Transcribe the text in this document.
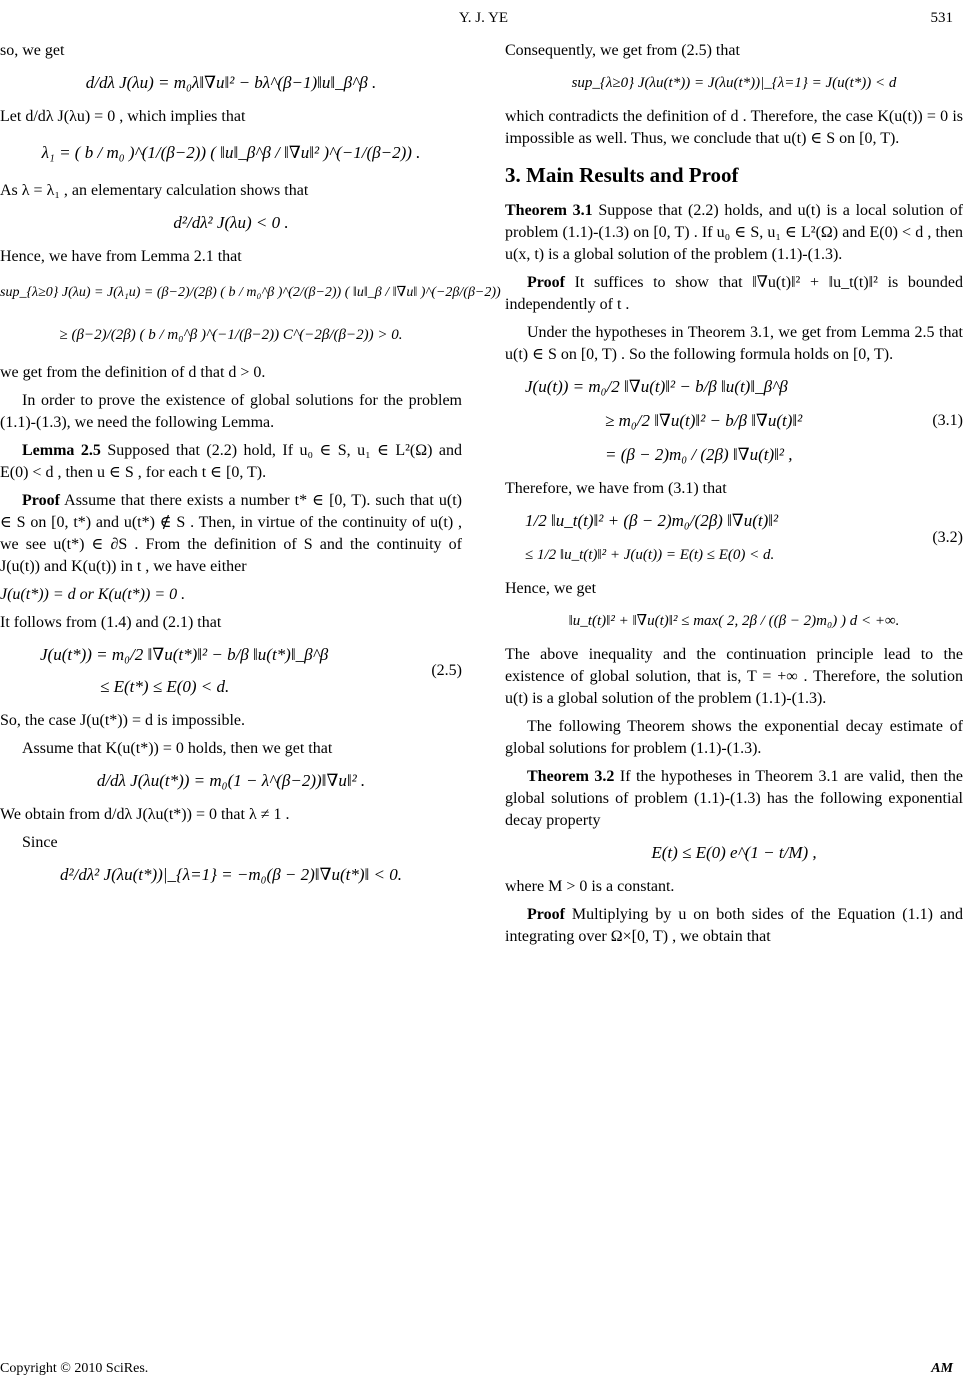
Y. J. YE	531

so, we get

d/dλ J(λu) = m₀λ‖∇u‖² − bλ^(β−1)‖u‖_β^β .

Let d/dλ J(λu) = 0 , which implies that

λ₁ = ( b / m₀ )^(1/(β−2)) ( ‖u‖_β^β / ‖∇u‖² )^(−1/(β−2)) .

As λ = λ₁ , an elementary calculation shows that

d²/dλ² J(λu) < 0 .

Hence, we have from Lemma 2.1 that

sup_{λ≥0} J(λu) = J(λ₁u) = (β−2)/(2β) ( b / m₀^β )^(2/(β−2)) ( ‖u‖_β / ‖∇u‖ )^(−2β/(β−2))
≥ (β−2)/(2β) ( b / m₀^β )^(−1/(β−2)) C^(−2β/(β−2)) > 0.

we get from the definition of d that d > 0.

In order to prove the existence of global solutions for the problem (1.1)-(1.3), we need the following Lemma.

Lemma 2.5 Supposed that (2.2) hold, If u₀ ∈ S, u₁ ∈ L²(Ω) and E(0) < d , then u ∈ S , for each t ∈ [0, T).

Proof Assume that there exists a number t* ∈ [0, T). such that u(t) ∈ S on [0, t*) and u(t*) ∉ S . Then, in virtue of the continuity of u(t) , we see u(t*) ∈ ∂S . From the definition of S and the continuity of J(u(t)) and K(u(t)) in t , we have either

J(u(t*)) = d or K(u(t*)) = 0 .

It follows from (1.4) and (2.1) that

J(u(t*)) = m₀/2 ‖∇u(t*)‖² − b/β ‖u(t*)‖_β^β
≤ E(t*) ≤ E(0) < d.
(2.5)

So, the case J(u(t*)) = d is impossible.

Assume that K(u(t*)) = 0 holds, then we get that

d/dλ J(λu(t*)) = m₀(1 − λ^(β−2))‖∇u‖² .

We obtain from d/dλ J(λu(t*)) = 0 that λ ≠ 1 .

Since

d²/dλ² J(λu(t*))|_{λ=1} = −m₀(β − 2)‖∇u(t*)‖ < 0.

Consequently, we get from (2.5) that

sup_{λ≥0} J(λu(t*)) = J(λu(t*))|_{λ=1} = J(u(t*)) < d

which contradicts the definition of d . Therefore, the case K(u(t)) = 0 is impossible as well. Thus, we conclude that u(t) ∈ S on [0, T).

3. Main Results and Proof

Theorem 3.1 Suppose that (2.2) holds, and u(t) is a local solution of problem (1.1)-(1.3) on [0, T) . If u₀ ∈ S, u₁ ∈ L²(Ω) and E(0) < d , then u(x, t) is a global solution of the problem (1.1)-(1.3).

Proof It suffices to show that ‖∇u(t)‖² + ‖u_t(t)‖² is bounded independently of t .

Under the hypotheses in Theorem 3.1, we get from Lemma 2.5 that u(t) ∈ S on [0, T) . So the following formula holds on [0, T).

J(u(t)) = m₀/2 ‖∇u(t)‖² − b/β ‖u(t)‖_β^β
≥ m₀/2 ‖∇u(t)‖² − b/β ‖∇u(t)‖²
= (β − 2)m₀ / (2β) ‖∇u(t)‖² ,
(3.1)

Therefore, we have from (3.1) that

1/2 ‖u_t(t)‖² + (β − 2)m₀/(2β) ‖∇u(t)‖²
≤ 1/2 ‖u_t(t)‖² + J(u(t)) = E(t) ≤ E(0) < d.
(3.2)

Hence, we get

‖u_t(t)‖² + ‖∇u(t)‖² ≤ max( 2, 2β / ((β − 2)m₀) ) d < +∞.

The above inequality and the continuation principle lead to the existence of global solution, that is, T = +∞ . Therefore, the solution u(t) is a global solution of the problem (1.1)-(1.3).

The following Theorem shows the exponential decay estimate of global solutions for problem (1.1)-(1.3).

Theorem 3.2 If the hypotheses in Theorem 3.1 are valid, then the global solutions of problem (1.1)-(1.3) has the following exponential decay property

E(t) ≤ E(0) e^(1 − t/M) ,

where M > 0 is a constant.

Proof Multiplying by u on both sides of the Equation (1.1) and integrating over Ω×[0, T) , we obtain that

Copyright © 2010 SciRes.	AM
